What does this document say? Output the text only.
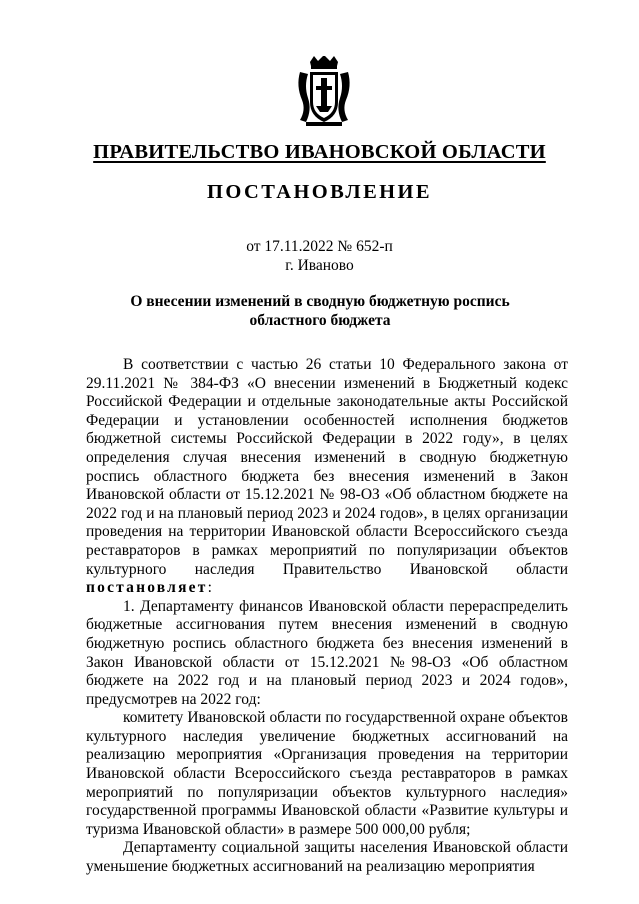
ПРАВИТЕЛЬСТВО ИВАНОВСКОЙ ОБЛАСТИ
ПОСТАНОВЛЕНИЕ
от 17.11.2022 № 652-п
г. Иваново
О внесении изменений в сводную бюджетную роспись
областного бюджета

В соответствии с частью 26 статьи 10 Федерального закона от 29.11.2021 № 384-ФЗ «О внесении изменений в Бюджетный кодекс Российской Федерации и отдельные законодательные акты Российской Федерации и установлении особенностей исполнения бюджетов бюджетной системы Российской Федерации в 2022 году», в целях определения случая внесения изменений в сводную бюджетную роспись областного бюджета без внесения изменений в Закон Ивановской области от 15.12.2021 № 98-ОЗ «Об областном бюджете на 2022 год и на плановый период 2023 и 2024 годов», в целях организации проведения на территории Ивановской области Всероссийского съезда реставраторов в рамках мероприятий по популяризации объектов культурного наследия Правительство Ивановской области постановляет:

1. Департаменту финансов Ивановской области перераспределить бюджетные ассигнования путем внесения изменений в сводную бюджетную роспись областного бюджета без внесения изменений в Закон Ивановской области от 15.12.2021 №98-ОЗ «Об областном бюджете на 2022 год и на плановый период 2023 и 2024 годов», предусмотрев на 2022 год:

комитету Ивановской области по государственной охране объектов культурного наследия увеличение бюджетных ассигнований на реализацию мероприятия «Организация проведения на территории Ивановской области Всероссийского съезда реставраторов в рамках мероприятий по популяризации объектов культурного наследия» государственной программы Ивановской области «Развитие культуры и туризма Ивановской области» в размере 500 000,00 рубля;

Департаменту социальной защиты населения Ивановской области уменьшение бюджетных ассигнований на реализацию мероприятия
